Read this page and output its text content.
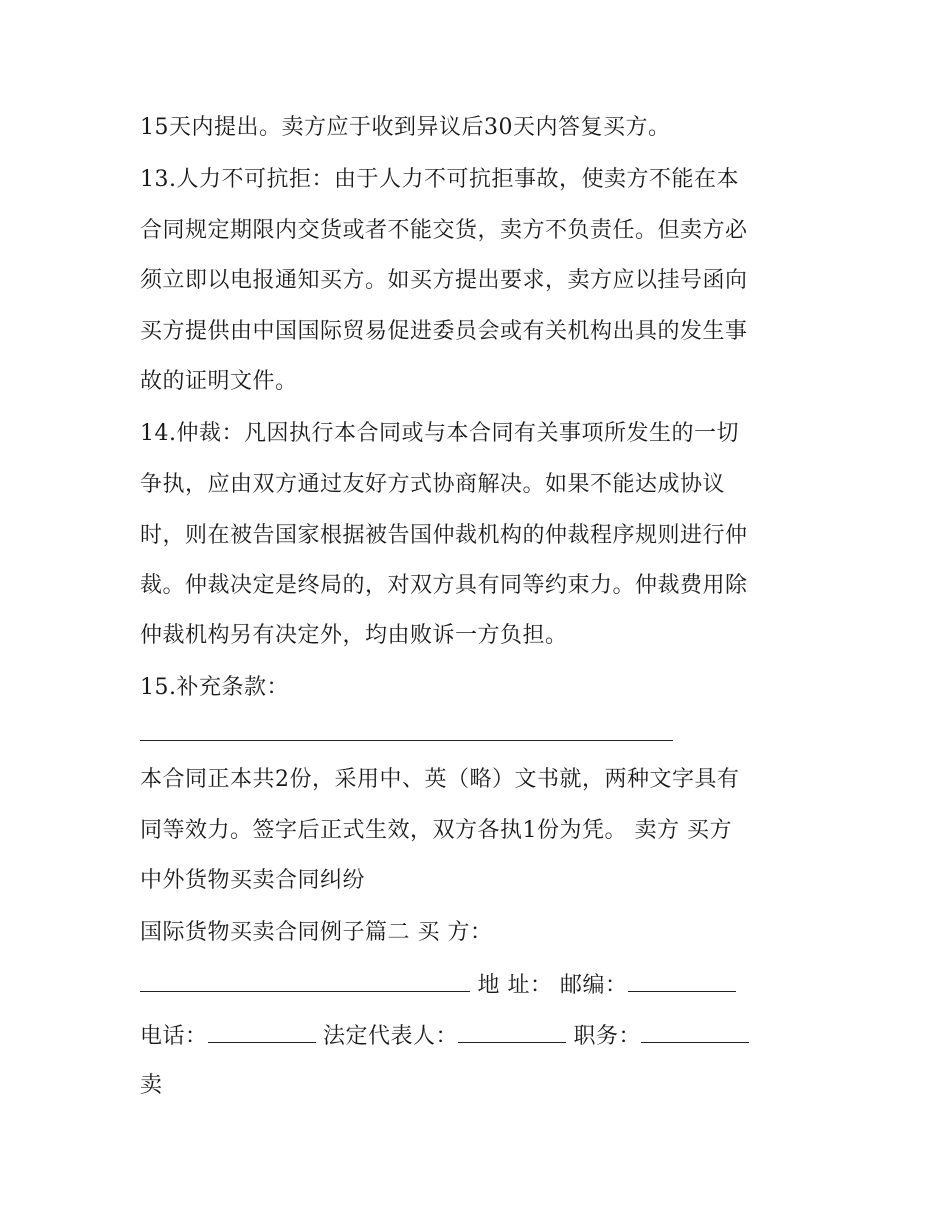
15天内提出。卖方应于收到异议后30天内答复买方。
13.人力不可抗拒：由于人力不可抗拒事故，使卖方不能在本
合同规定期限内交货或者不能交货，卖方不负责任。但卖方必
须立即以电报通知买方。如买方提出要求，卖方应以挂号函向
买方提供由中国国际贸易促进委员会或有关机构出具的发生事
故的证明文件。
14.仲裁：凡因执行本合同或与本合同有关事项所发生的一切
争执，应由双方通过友好方式协商解决。如果不能达成协议
时，则在被告国家根据被告国仲裁机构的仲裁程序规则进行仲
裁。仲裁决定是终局的，对双方具有同等约束力。仲裁费用除
仲裁机构另有决定外，均由败诉一方负担。
15.补充条款：
本合同正本共2份，采用中、英（略）文书就，两种文字具有
同等效力。签字后正式生效，双方各执1份为凭。 卖方 买方
中外货物买卖合同纠纷
国际货物买卖合同例子篇二 买 方：
地 址： 邮编：
电话：	法定代表人：	职务：
卖
